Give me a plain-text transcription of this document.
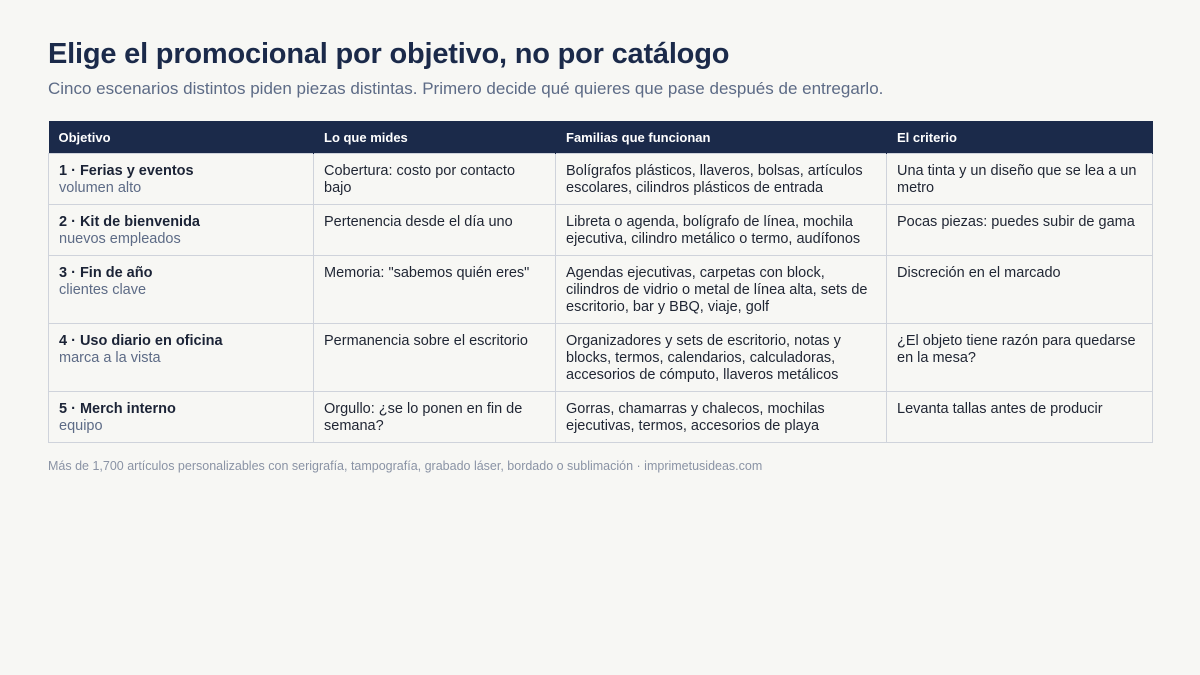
Elige el promocional por objetivo, no por catálogo

Cinco escenarios distintos piden piezas distintas. Primero decide qué quieres que pase después de entregarlo.

Objetivo	Lo que mides	Familias que funcionan	El criterio

1 · Ferias y eventos
volumen alto	Cobertura: costo por contacto bajo	Bolígrafos plásticos, llaveros, bolsas, artículos escolares, cilindros plásticos de entrada	Una tinta y un diseño que se lea a un metro

2 · Kit de bienvenida
nuevos empleados	Pertenencia desde el día uno	Libreta o agenda, bolígrafo de línea, mochila ejecutiva, cilindro metálico o termo, audífonos	Pocas piezas: puedes subir de gama

3 · Fin de año
clientes clave	Memoria: "sabemos quién eres"	Agendas ejecutivas, carpetas con block, cilindros de vidrio o metal de línea alta, sets de escritorio, bar y BBQ, viaje, golf	Discreción en el marcado

4 · Uso diario en oficina
marca a la vista	Permanencia sobre el escritorio	Organizadores y sets de escritorio, notas y blocks, termos, calendarios, calculadoras, accesorios de cómputo, llaveros metálicos	¿El objeto tiene razón para quedarse en la mesa?

5 · Merch interno
equipo	Orgullo: ¿se lo ponen en fin de semana?	Gorras, chamarras y chalecos, mochilas ejecutivas, termos, accesorios de playa	Levanta tallas antes de producir
Más de 1,700 artículos personalizables con serigrafía, tampografía, grabado láser, bordado o sublimación · imprimetusideas.com
